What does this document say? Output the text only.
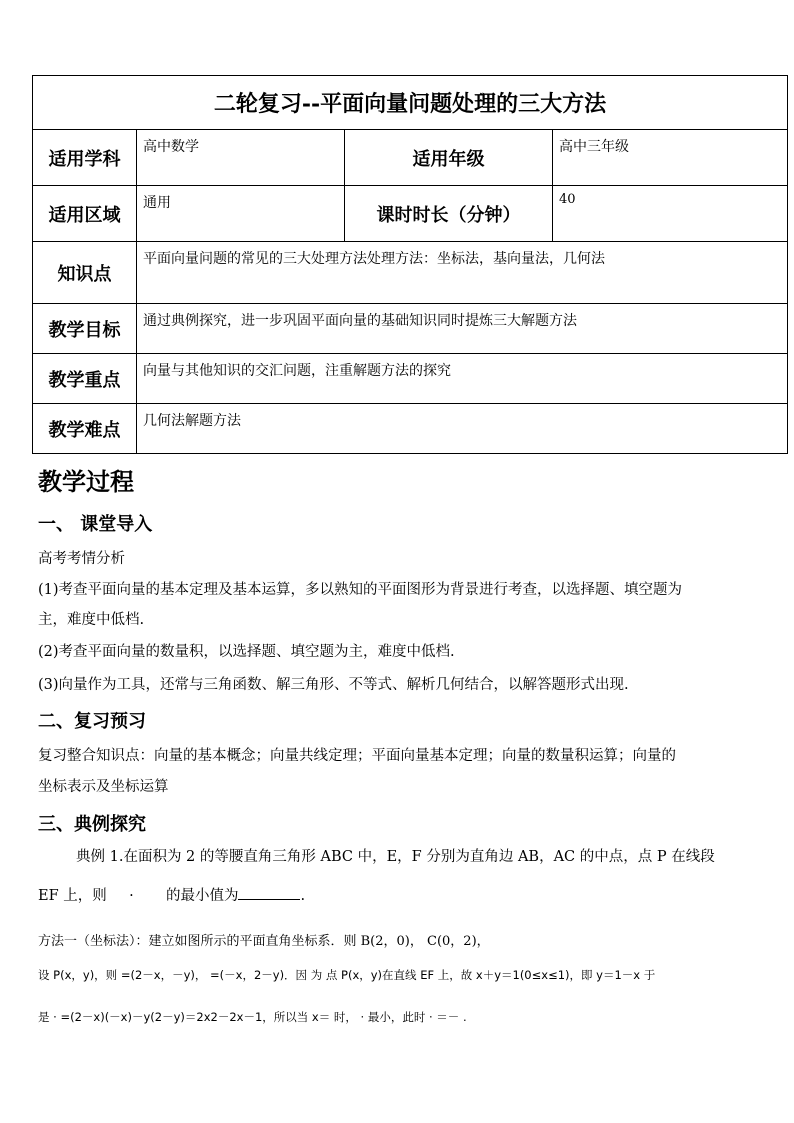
二轮复习--平面向量问题处理的三大方法			
适用学科	高中数学	适用年级	高中三年级
适用区域	通用	课时时长（分钟）	40
知识点	平面向量问题的常见的三大处理方法处理方法：坐标法，基向量法，几何法		
教学目标	通过典例探究，进一步巩固平面向量的基础知识同时提炼三大解题方法		
教学重点	向量与其他知识的交汇问题，注重解题方法的探究		
教学难点	几何法解题方法		
教学过程
一、 课堂导入
高考考情分析
(1)考查平面向量的基本定理及基本运算，多以熟知的平面图形为背景进行考查，以选择题、填空题为
主，难度中低档.
(2)考查平面向量的数量积，以选择题、填空题为主，难度中低档.
(3)向量作为工具，还常与三角函数、解三角形、不等式、解析几何结合，以解答题形式出现.
二、复习预习
复习整合知识点：向量的基本概念；向量共线定理；平面向量基本定理；向量的数量积运算；向量的
坐标表示及坐标运算
三、典例探究
典例 1.在面积为 2 的等腰直角三角形 ABC 中，E，F 分别为直角边 AB，AC 的中点，点 P 在线段
EF 上，则 · 的最小值为	.
方法一（坐标法）：建立如图所示的平面直角坐标系．则 B(2，0)， C(0，2)，
设 P(x，y)，则 =(2－x，－y)， =(－x，2－y)．因 为 点 P(x，y)在直线 EF 上，故 x＋y＝1(0≤x≤1)，即 y＝1－x 于
是 · =(2－x)(－x)－y(2－y)＝2x2－2x－1，所以当 x＝ 时， · 最小，此时 · ＝－ .
